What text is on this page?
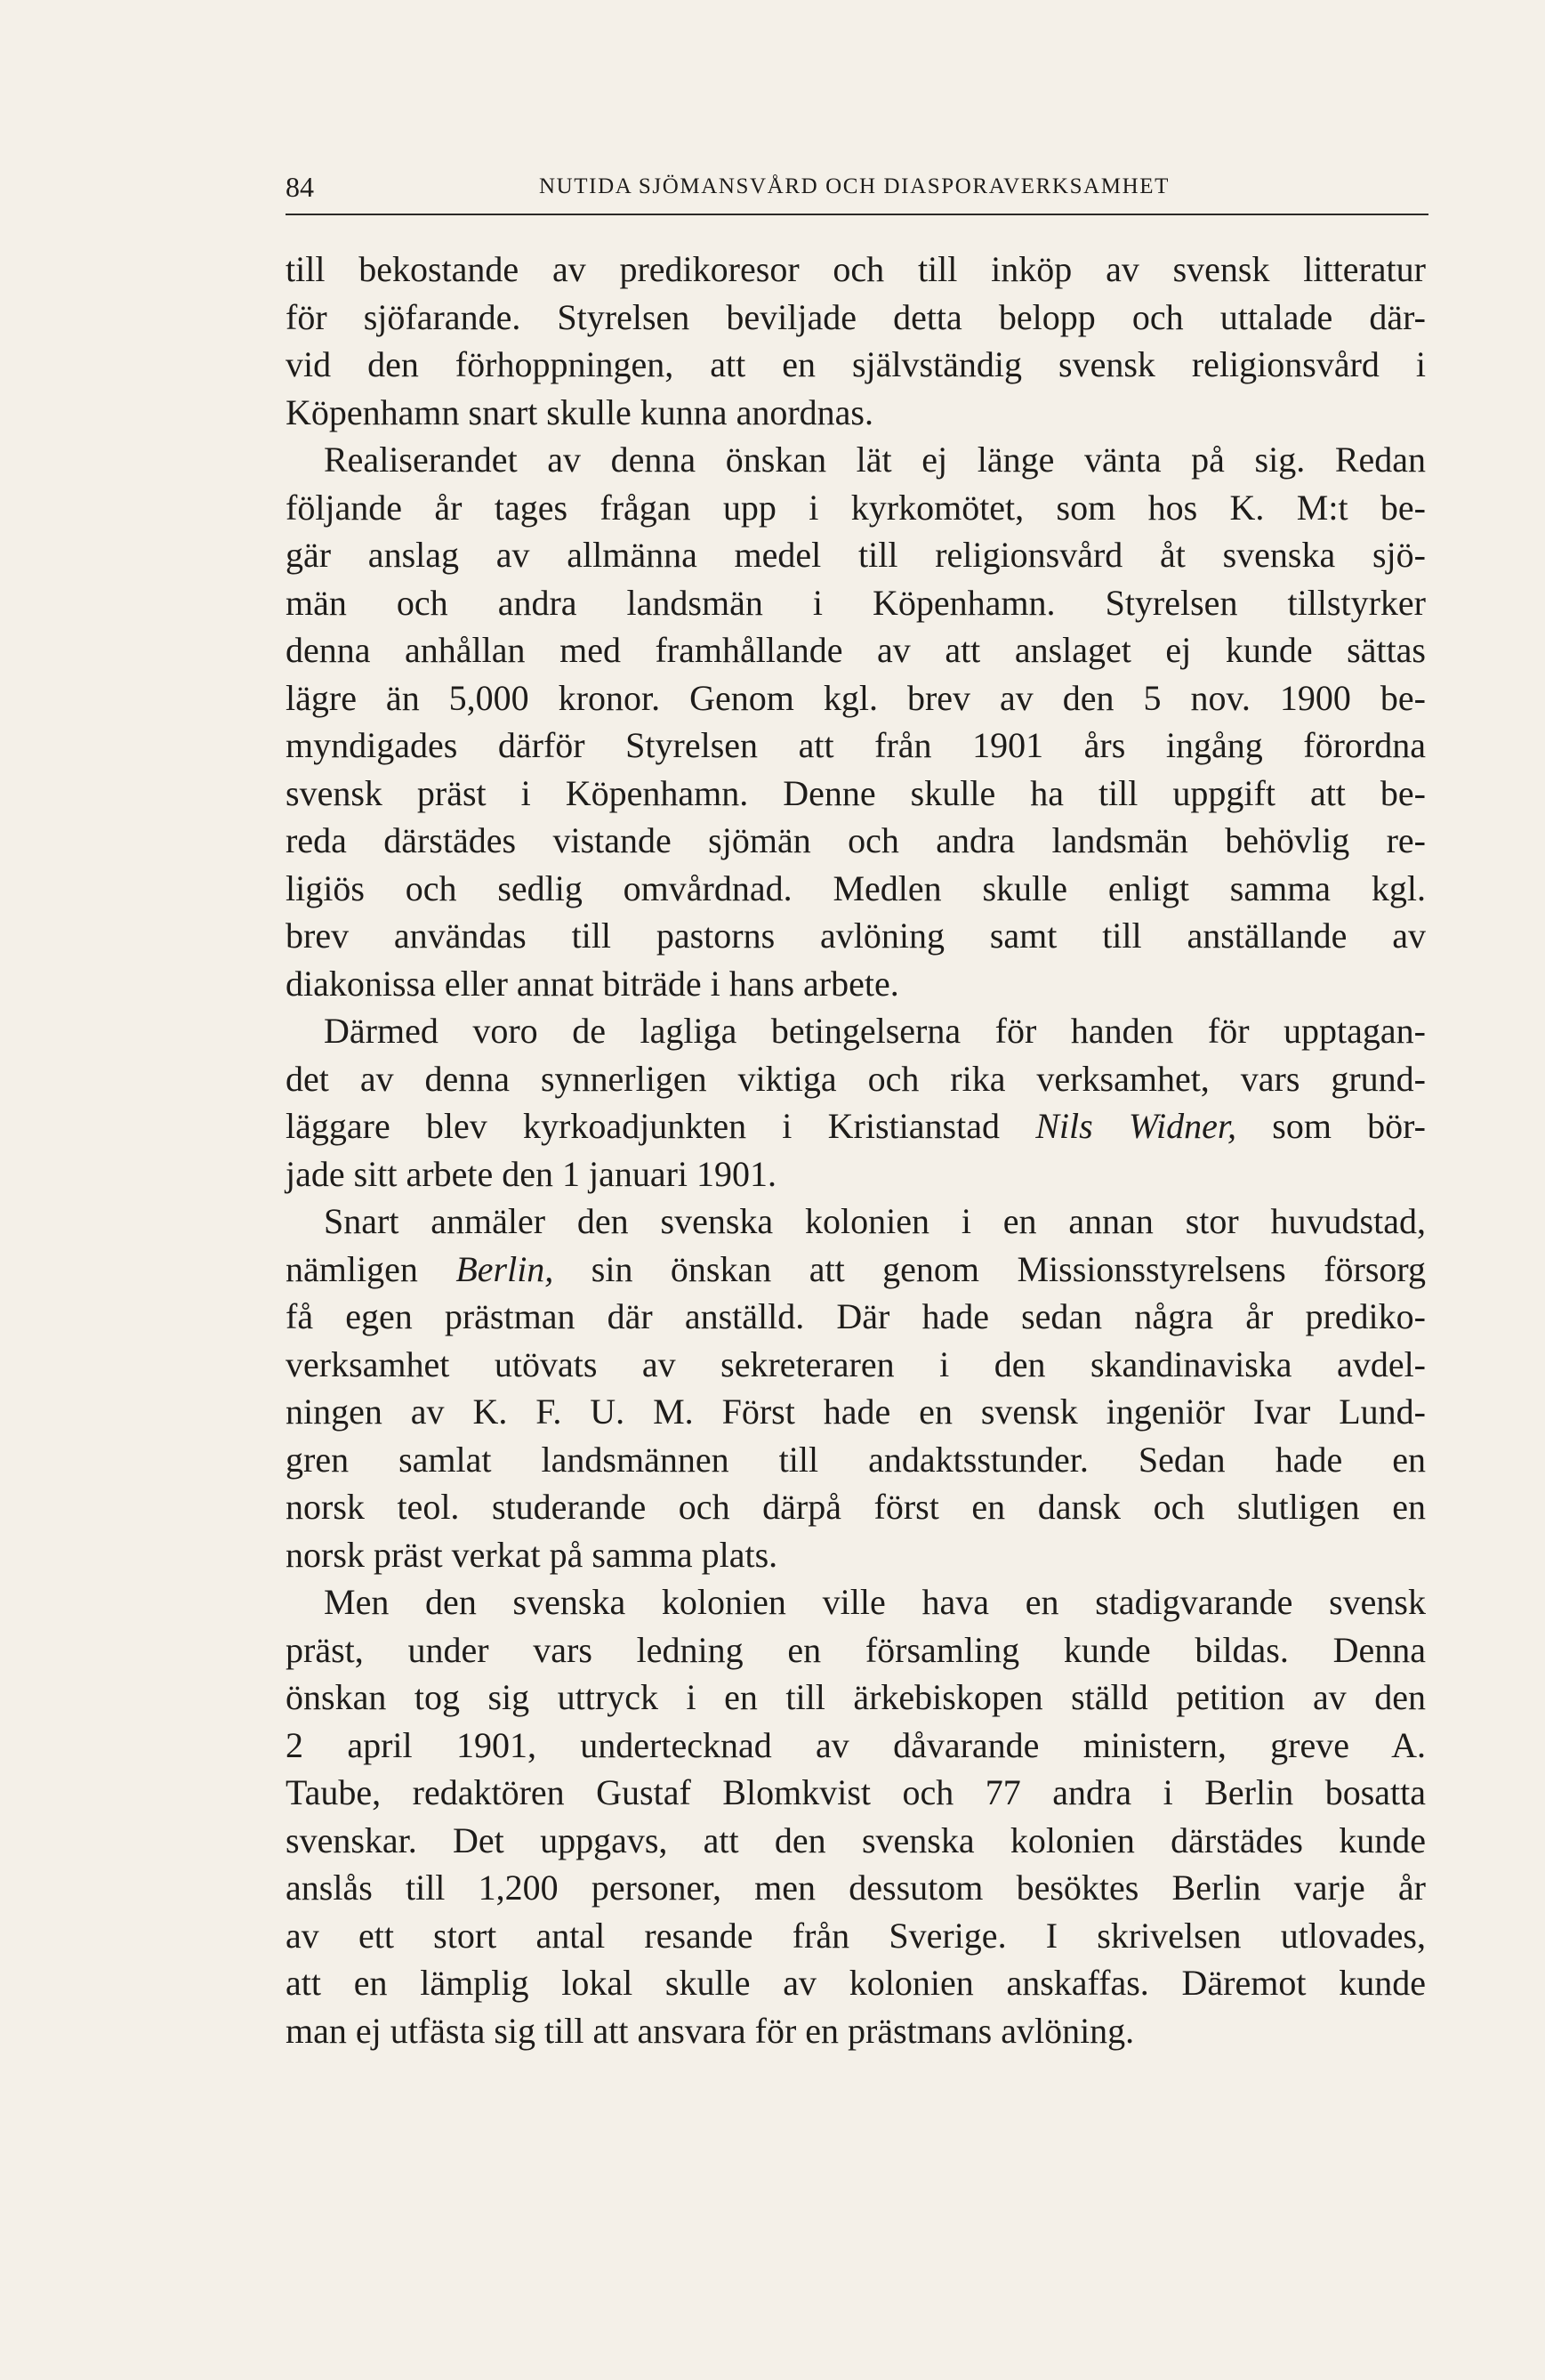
84	NUTIDA SJÖMANSVÅRD OCH DIASPORAVERKSAMHET
till bekostande av predikoresor och till inköp av svensk litteratur
för sjöfarande. Styrelsen beviljade detta belopp och uttalade där-
vid den förhoppningen, att en självständig svensk religionsvård i
Köpenhamn snart skulle kunna anordnas.
Realiserandet av denna önskan lät ej länge vänta på sig. Redan
följande år tages frågan upp i kyrkomötet, som hos K. M:t be-
gär anslag av allmänna medel till religionsvård åt svenska sjö-
män och andra landsmän i Köpenhamn. Styrelsen tillstyrker
denna anhållan med framhållande av att anslaget ej kunde sättas
lägre än 5,000 kronor. Genom kgl. brev av den 5 nov. 1900 be-
myndigades därför Styrelsen att från 1901 års ingång förordna
svensk präst i Köpenhamn. Denne skulle ha till uppgift att be-
reda därstädes vistande sjömän och andra landsmän behövlig re-
ligiös och sedlig omvårdnad. Medlen skulle enligt samma kgl.
brev användas till pastorns avlöning samt till anställande av
diakonissa eller annat biträde i hans arbete.
Därmed voro de lagliga betingelserna för handen för upptagan-
det av denna synnerligen viktiga och rika verksamhet, vars grund-
läggare blev kyrkoadjunkten i Kristianstad Nils Widner, som bör-
jade sitt arbete den 1 januari 1901.
Snart anmäler den svenska kolonien i en annan stor huvudstad,
nämligen Berlin, sin önskan att genom Missionsstyrelsens försorg
få egen prästman där anställd. Där hade sedan några år prediko-
verksamhet utövats av sekreteraren i den skandinaviska avdel-
ningen av K. F. U. M. Först hade en svensk ingeniör Ivar Lund-
gren samlat landsmännen till andaktsstunder. Sedan hade en
norsk teol. studerande och därpå först en dansk och slutligen en
norsk präst verkat på samma plats.
Men den svenska kolonien ville hava en stadigvarande svensk
präst, under vars ledning en församling kunde bildas. Denna
önskan tog sig uttryck i en till ärkebiskopen ställd petition av den
2 april 1901, undertecknad av dåvarande ministern, greve A.
Taube, redaktören Gustaf Blomkvist och 77 andra i Berlin bosatta
svenskar. Det uppgavs, att den svenska kolonien därstädes kunde
anslås till 1,200 personer, men dessutom besöktes Berlin varje år
av ett stort antal resande från Sverige. I skrivelsen utlovades,
att en lämplig lokal skulle av kolonien anskaffas. Däremot kunde
man ej utfästa sig till att ansvara för en prästmans avlöning.
